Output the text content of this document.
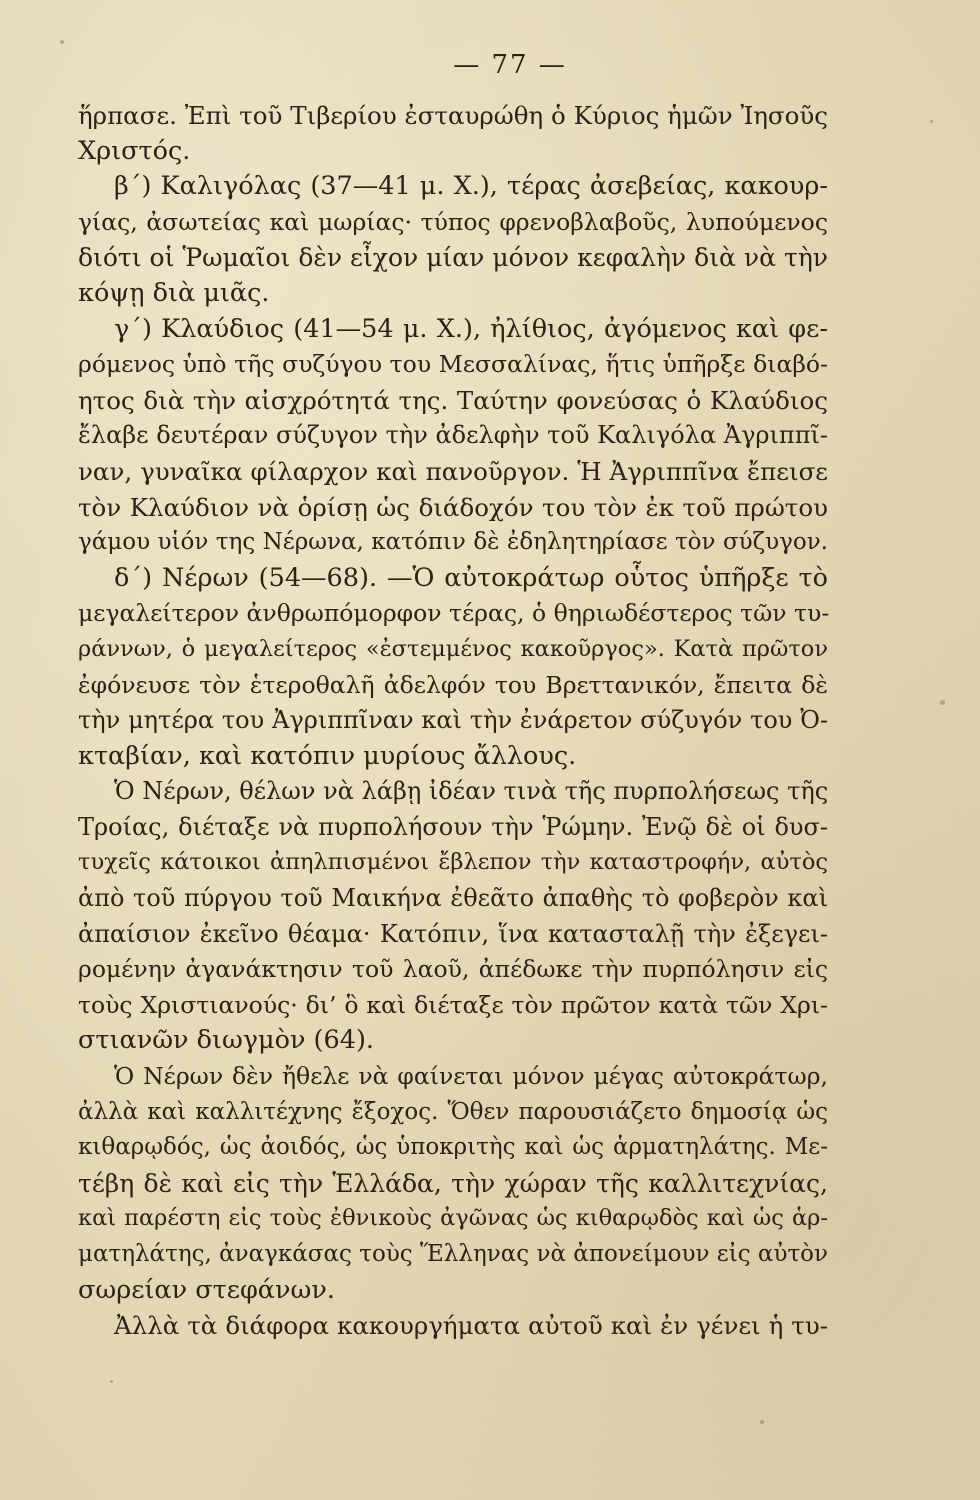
— 77 —
ἥρπασε. Ἐπὶ τοῦ Τιβερίου ἐσταυρώθη ὁ Κύριος ἡμῶν Ἰησοῦς
Χριστός.
β΄) Καλιγόλας (37—41 μ. Χ.), τέρας ἀσεβείας, κακουρ-
γίας, ἀσωτείας καὶ μωρίας· τύπος φρενοβλαβοῦς, λυπούμενος
διότι οἱ Ῥωμαῖοι δὲν εἶχον μίαν μόνον κεφαλὴν διὰ νὰ τὴν
κόψῃ διὰ μιᾶς.
γ΄) Κλαύδιος (41—54 μ. Χ.), ἠλίθιος, ἀγόμενος καὶ φε-
ρόμενος ὑπὸ τῆς συζύγου του Μεσσαλίνας, ἥτις ὑπῆρξε διαβό-
ητος διὰ τὴν αἰσχρότητά της. Ταύτην φονεύσας ὁ Κλαύδιος
ἔλαβε δευτέραν σύζυγον τὴν ἀδελφὴν τοῦ Καλιγόλα Ἀγριππῖ-
ναν, γυναῖκα φίλαρχον καὶ πανοῦργον. Ἡ Ἀγριππῖνα ἔπεισε
τὸν Κλαύδιον νὰ ὁρίσῃ ὡς διάδοχόν του τὸν ἐκ τοῦ πρώτου
γάμου υἱόν της Νέρωνα, κατόπιν δὲ ἐδηλητηρίασε τὸν σύζυγον.
δ΄) Νέρων (54—68). —Ὁ αὐτοκράτωρ οὗτος ὑπῆρξε τὸ
μεγαλείτερον ἀνθρωπόμορφον τέρας, ὁ θηριωδέστερος τῶν τυ-
ράννων, ὁ μεγαλείτερος «ἐστεμμένος κακοῦργος». Κατὰ πρῶτον
ἐφόνευσε τὸν ἑτεροθαλῆ ἀδελφόν του Βρεττανικόν, ἔπειτα δὲ
τὴν μητέρα του Ἀγριππῖναν καὶ τὴν ἐνάρετον σύζυγόν του Ὀ-
κταβίαν, καὶ κατόπιν μυρίους ἄλλους.
Ὁ Νέρων, θέλων νὰ λάβῃ ἰδέαν τινὰ τῆς πυρπολήσεως τῆς
Τροίας, διέταξε νὰ πυρπολήσουν τὴν Ῥώμην. Ἐνῷ δὲ οἱ δυσ-
τυχεῖς κάτοικοι ἀπηλπισμένοι ἔβλεπον τὴν καταστροφήν, αὐτὸς
ἀπὸ τοῦ πύργου τοῦ Μαικήνα ἐθεᾶτο ἀπαθὴς τὸ φοβερὸν καὶ
ἀπαίσιον ἐκεῖνο θέαμα· Κατόπιν, ἵνα κατασταλῇ τὴν ἐξεγει-
ρομένην ἀγανάκτησιν τοῦ λαοῦ, ἀπέδωκε τὴν πυρπόλησιν εἰς
τοὺς Χριστιανούς· δι’ ὃ καὶ διέταξε τὸν πρῶτον κατὰ τῶν Χρι-
στιανῶν διωγμὸν (64).
Ὁ Νέρων δὲν ἤθελε νὰ φαίνεται μόνον μέγας αὐτοκράτωρ,
ἀλλὰ καὶ καλλιτέχνης ἔξοχος. Ὅθεν παρουσιάζετο δημοσίᾳ ὡς
κιθαρῳδός, ὡς ἀοιδός, ὡς ὑποκριτὴς καὶ ὡς ἁρματηλάτης. Με-
τέβη δὲ καὶ εἰς τὴν Ἑλλάδα, τὴν χώραν τῆς καλλιτεχνίας,
καὶ παρέστη εἰς τοὺς ἐθνικοὺς ἀγῶνας ὡς κιθαρῳδὸς καὶ ὡς ἁρ-
ματηλάτης, ἀναγκάσας τοὺς Ἕλληνας νὰ ἀπονείμουν εἰς αὐτὸν
σωρείαν στεφάνων.
Ἀλλὰ τὰ διάφορα κακουργήματα αὐτοῦ καὶ ἐν γένει ἡ τυ-
